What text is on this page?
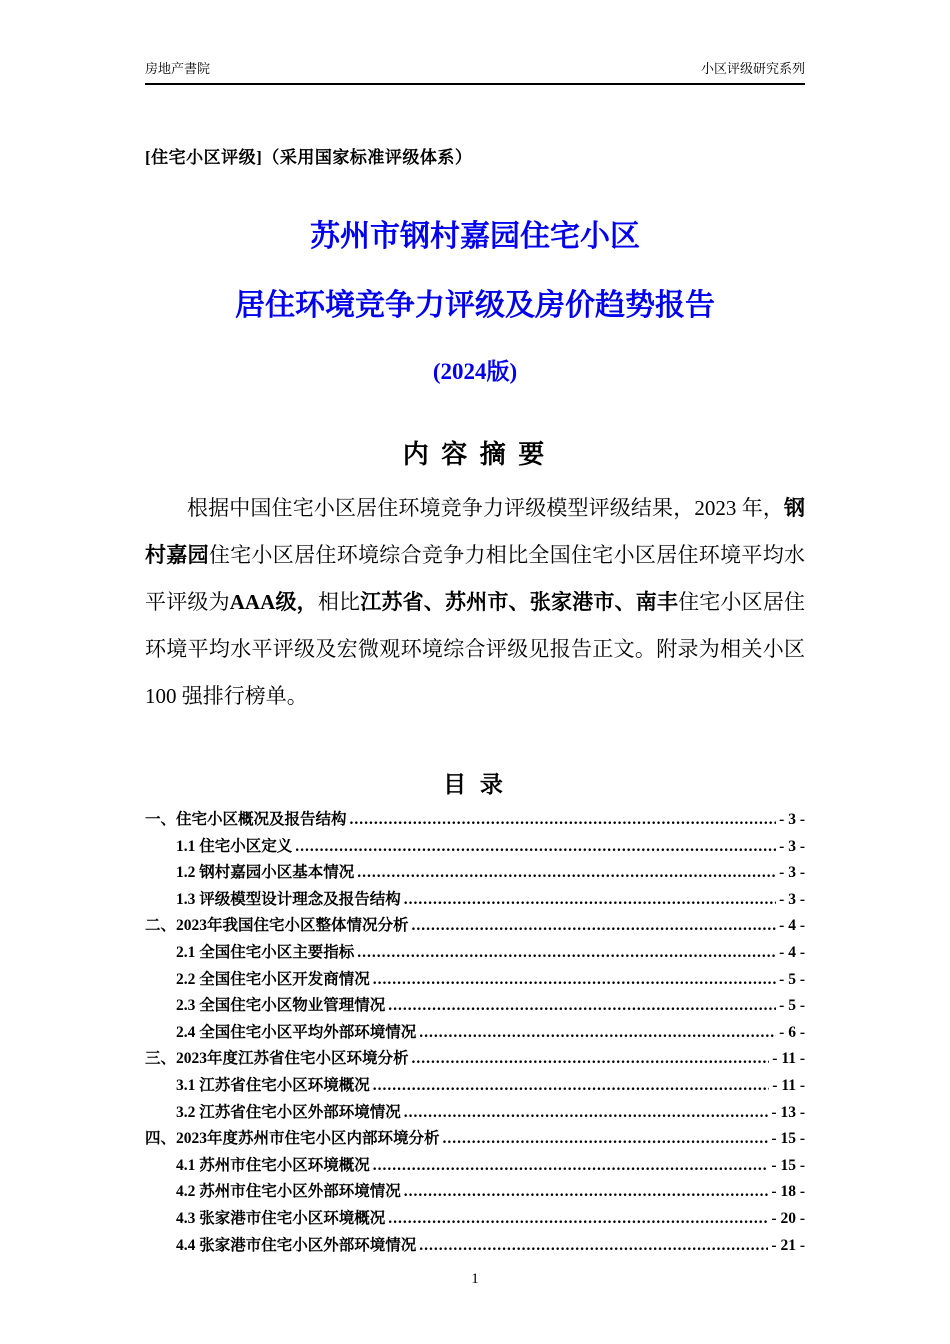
房地产書院	小区评级研究系列
[住宅小区评级]（采用国家标准评级体系）
苏州市钢村嘉园住宅小区
居住环境竞争力评级及房价趋势报告
(2024版)
内 容 摘 要

根据中国住宅小区居住环境竞争力评级模型评级结果，2023 年，钢村嘉园住宅小区居住环境综合竞争力相比全国住宅小区居住环境平均水平评级为AAA级，相比江苏省、苏州市、张家港市、南丰住宅小区居住环境平均水平评级及宏微观环境综合评级见报告正文。附录为相关小区 100 强排行榜单。

目 录
一、住宅小区概况及报告结构 .....	- 3 -
1.1 住宅小区定义 .....	- 3 -
1.2 钢村嘉园小区基本情况 .....	- 3 -
1.3 评级模型设计理念及报告结构 .....	- 3 -
二、2023年我国住宅小区整体情况分析 .....	- 4 -
2.1 全国住宅小区主要指标 .....	- 4 -
2.2 全国住宅小区开发商情况 .....	- 5 -
2.3 全国住宅小区物业管理情况 .....	- 5 -
2.4 全国住宅小区平均外部环境情况 .....	- 6 -
三、2023年度江苏省住宅小区环境分析 .....	- 11 -
3.1 江苏省住宅小区环境概况 .....	- 11 -
3.2 江苏省住宅小区外部环境情况 .....	- 13 -
四、2023年度苏州市住宅小区内部环境分析 .....	- 15 -
4.1 苏州市住宅小区环境概况 .....	- 15 -
4.2 苏州市住宅小区外部环境情况 .....	- 18 -
4.3 张家港市住宅小区环境概况 .....	- 20 -
4.4 张家港市住宅小区外部环境情况 .....	- 21 -
1
